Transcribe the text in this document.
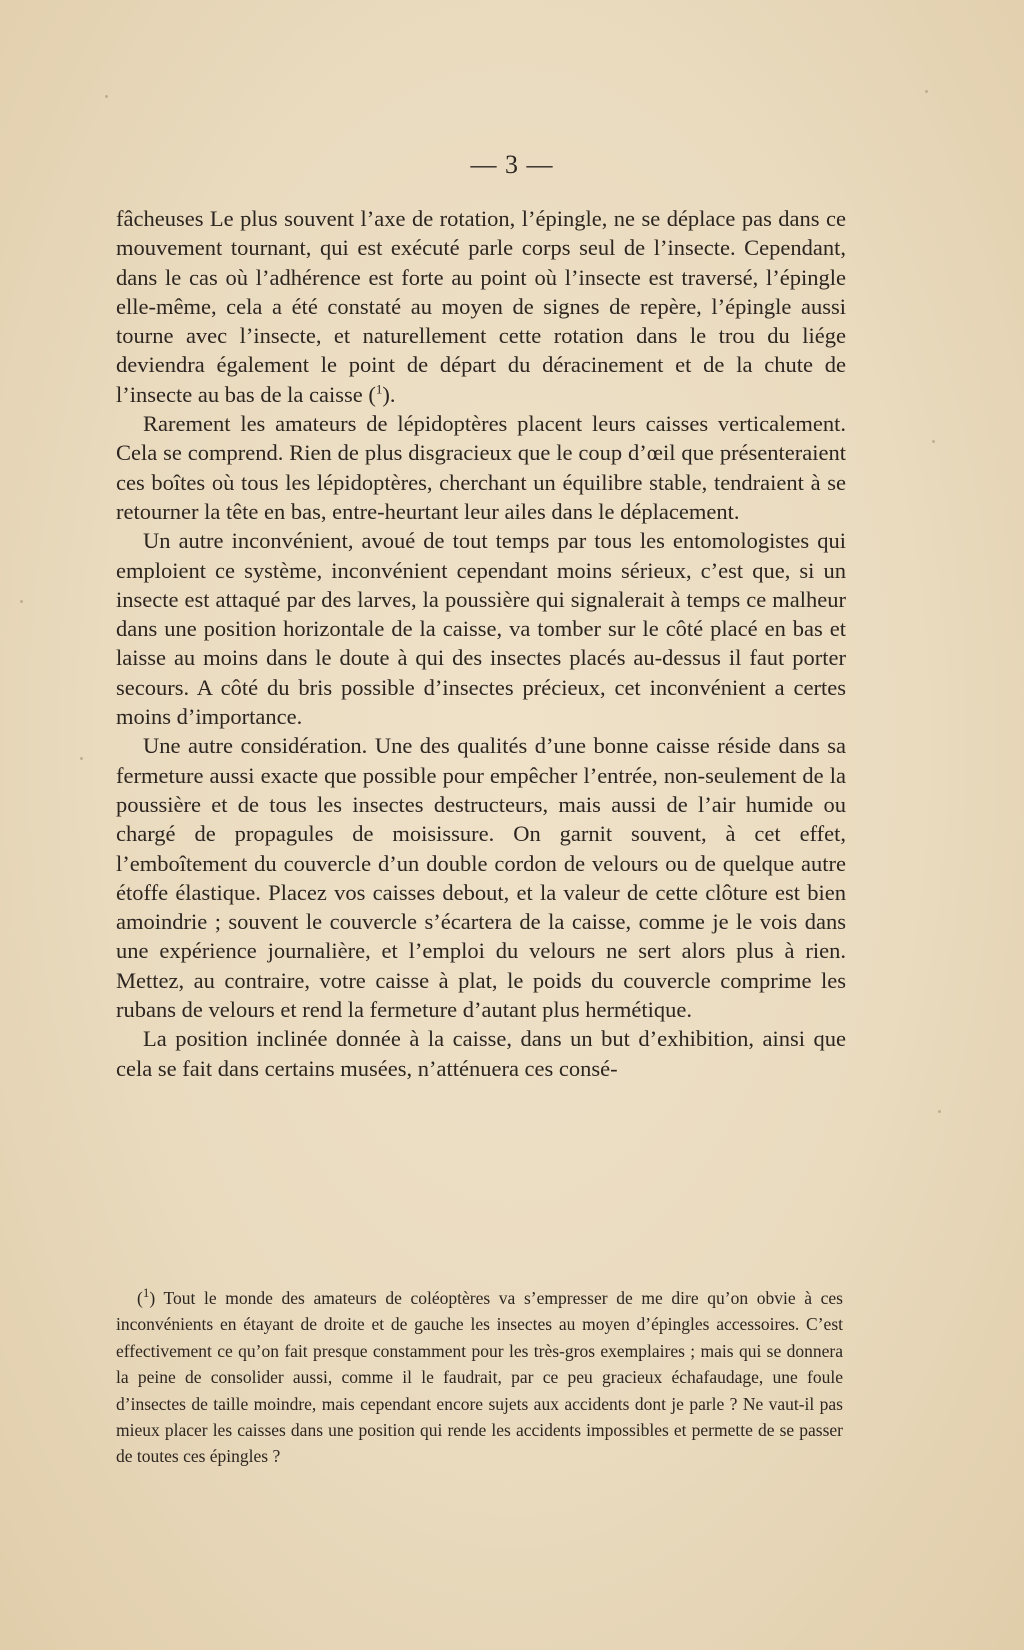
— 3 —

fâcheuses Le plus souvent l’axe de rotation, l’épingle, ne se déplace pas dans ce mouvement tournant, qui est exécuté parle corps seul de l’insecte. Cependant, dans le cas où l’adhérence est forte au point où l’insecte est traversé, l’épingle elle-même, cela a été constaté au moyen de signes de repère, l’épingle aussi tourne avec l’insecte, et naturellement cette rotation dans le trou du liége deviendra également le point de départ du déracinement et de la chute de l’insecte au bas de la caisse ($^1$).

Rarement les amateurs de lépidoptères placent leurs caisses verticalement. Cela se comprend. Rien de plus disgracieux que le coup d’œil que présenteraient ces boîtes où tous les lépidoptères, cherchant un équilibre stable, tendraient à se retourner la tête en bas, entre-heurtant leur ailes dans le déplacement.

Un autre inconvénient, avoué de tout temps par tous les entomologistes qui emploient ce système, inconvénient cependant moins sérieux, c’est que, si un insecte est attaqué par des larves, la poussière qui signalerait à temps ce malheur dans une position horizontale de la caisse, va tomber sur le côté placé en bas et laisse au moins dans le doute à qui des insectes placés au-dessus il faut porter secours. A côté du bris possible d’insectes précieux, cet inconvénient a certes moins d’importance.

Une autre considération. Une des qualités d’une bonne caisse réside dans sa fermeture aussi exacte que possible pour empêcher l’entrée, non-seulement de la poussière et de tous les insectes destructeurs, mais aussi de l’air humide ou chargé de propagules de moisissure. On garnit souvent, à cet effet, l’emboîtement du couvercle d’un double cordon de velours ou de quelque autre étoffe élastique. Placez vos caisses debout, et la valeur de cette clôture est bien amoindrie ; souvent le couvercle s’écartera de la caisse, comme je le vois dans une expérience journalière, et l’emploi du velours ne sert alors plus à rien. Mettez, au contraire, votre caisse à plat, le poids du couvercle comprime les rubans de velours et rend la fermeture d’autant plus hermétique.

La position inclinée donnée à la caisse, dans un but d’exhibition, ainsi que cela se fait dans certains musées, n’atténuera ces consé-

($^1$) Tout le monde des amateurs de coléoptères va s’empresser de me dire qu’on obvie à ces inconvénients en étayant de droite et de gauche les insectes au moyen d’épingles accessoires. C’est effectivement ce qu’on fait presque constamment pour les très-gros exemplaires ; mais qui se donnera la peine de consolider aussi, comme il le faudrait, par ce peu gracieux échafaudage, une foule d’insectes de taille moindre, mais cependant encore sujets aux accidents dont je parle ? Ne vaut-il pas mieux placer les caisses dans une position qui rende les accidents impossibles et permette de se passer de toutes ces épingles ?
